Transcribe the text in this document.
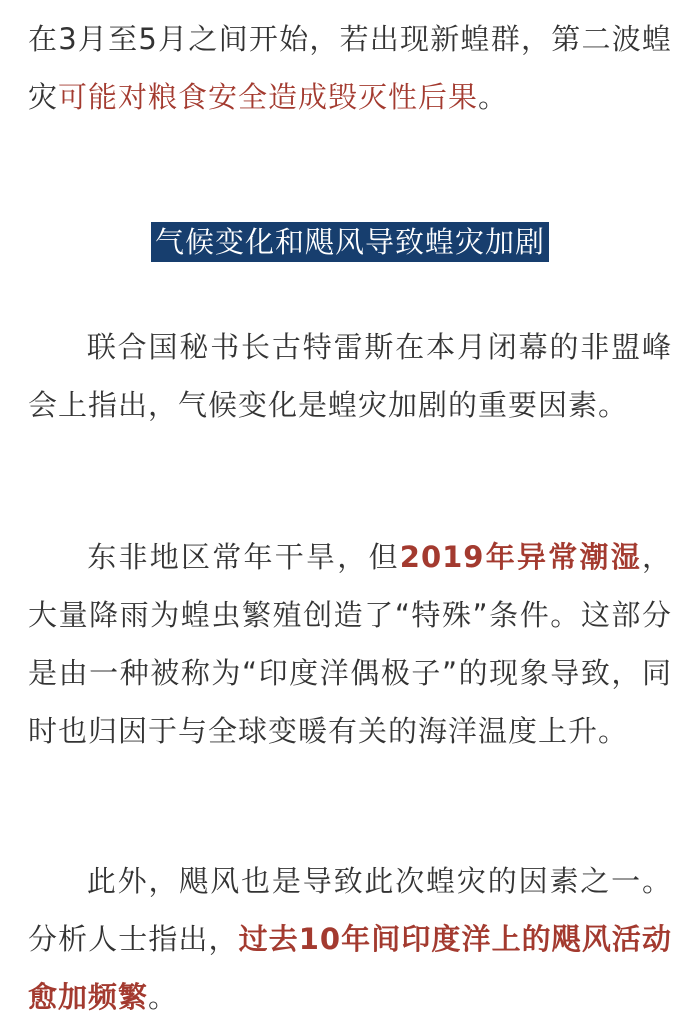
在3月至5月之间开始，若出现新蝗群，第二波蝗灾可能对粮食安全造成毁灭性后果。

气候变化和飓风导致蝗灾加剧

联合国秘书长古特雷斯在本月闭幕的非盟峰会上指出，气候变化是蝗灾加剧的重要因素。

东非地区常年干旱，但2019年异常潮湿，大量降雨为蝗虫繁殖创造了“特殊”条件。这部分是由一种被称为“印度洋偶极子”的现象导致，同时也归因于与全球变暖有关的海洋温度上升。

此外，飓风也是导致此次蝗灾的因素之一。分析人士指出，过去10年间印度洋上的飓风活动愈加频繁。
